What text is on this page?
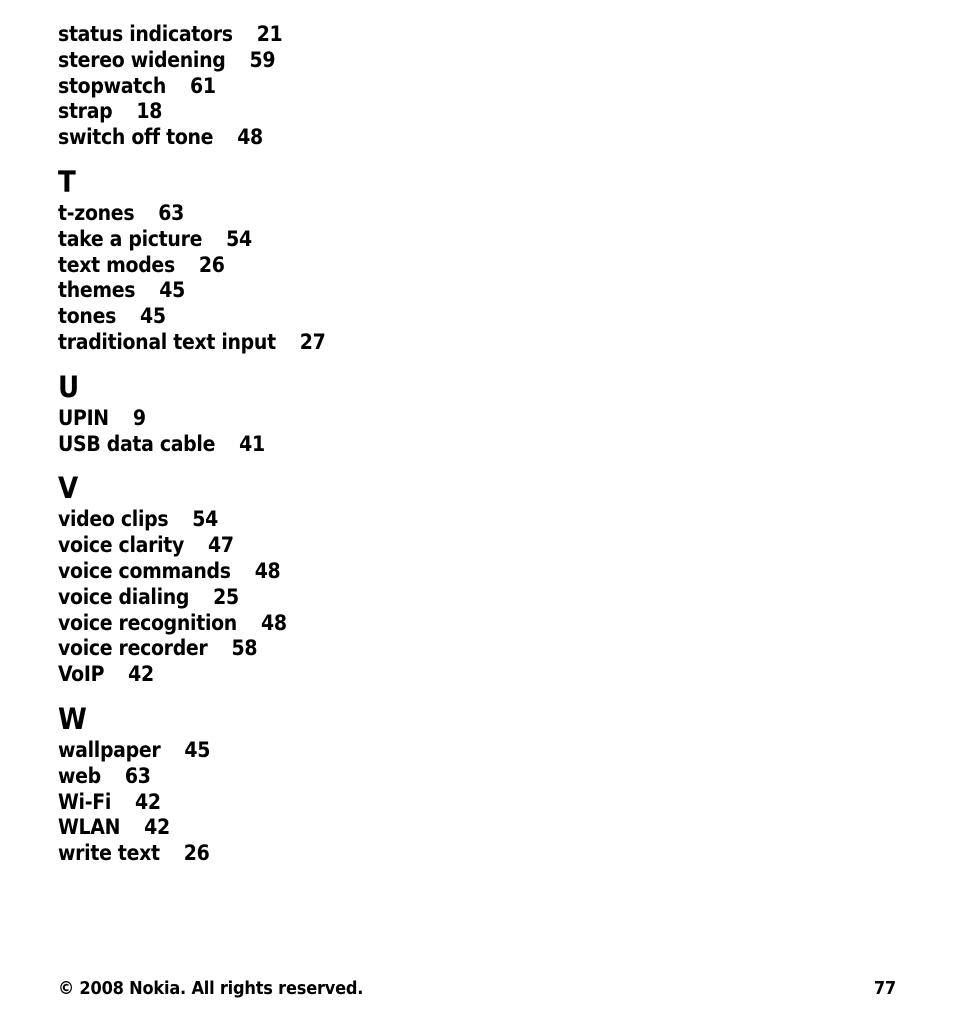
status indicators 21
stereo widening 59
stopwatch 61
strap 18
switch off tone 48
T
t-zones 63
take a picture 54
text modes 26
themes 45
tones 45
traditional text input 27
U
UPIN 9
USB data cable 41
V
video clips 54
voice clarity 47
voice commands 48
voice dialing 25
voice recognition 48
voice recorder 58
VoIP 42
W
wallpaper 45
web 63
Wi-Fi 42
WLAN 42
write text 26
© 2008 Nokia. All rights reserved.	77
